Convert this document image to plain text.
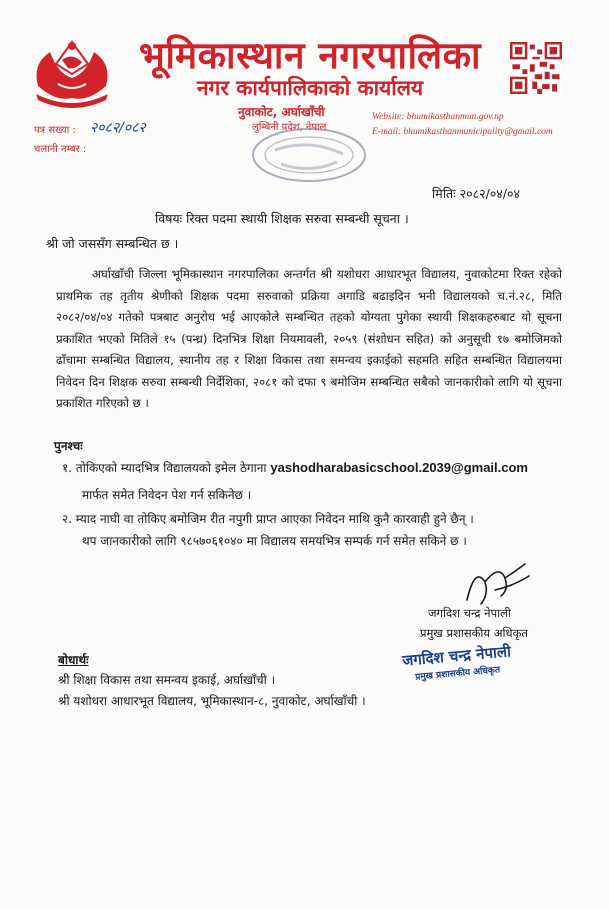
भूमिकास्थान नगरपालिका
नगर कार्यपालिकाको कार्यालय
नुवाकोट, अर्घाखाँची
लुम्बिनी प्रदेश, नेपाल
Website: bhumikasthanmun.gov.np
E-mail: bhumikasthanmunicipality@gmail.com
पत्र सख्या : २०८२/०८२
चलानी नम्बर :
मितिः २०८२/०४/०४
विषयः रिक्त पदमा स्थायी शिक्षक सरुवा सम्बन्धी सूचना ।
श्री जो जससँग सम्बन्धित छ ।
अर्घाखाँची जिल्ला भूमिकास्थान नगरपालिका अन्तर्गत श्री यशोधरा आधारभूत विद्यालय, नुवाकोटमा रिक्त रहेको प्राथमिक तह तृतीय श्रेणीको शिक्षक पदमा सरुवाको प्रक्रिया अगाडि बढाइदिन भनी विद्यालयको च.नं.२८, मिति २०८२/०४/०४ गतेको पत्रबाट अनुरोध भई आएकोले सम्बन्धित तहको योग्यता पुगेका स्थायी शिक्षकहरुबाट यो सूचना प्रकाशित भएको मितिले १५ (पन्ध्र) दिनभित्र शिक्षा नियमावली, २०५९ (संशोधन सहित) को अनुसूची १७ बमोजिमको ढाँचामा सम्बन्धित विद्यालय, स्थानीय तह र शिक्षा विकास तथा समन्वय इकाईको सहमति सहित सम्बन्धित विद्यालयमा निवेदन दिन शिक्षक सरुवा सम्बन्धी निर्देशिका, २०८१ को दफा ९ बमोजिम सम्बन्धित सबैको जानकारीको लागि यो सूचना प्रकाशित गरिएको छ ।
पुनश्चः
१. तोकिएको म्यादभित्र विद्यालयको इमेल ठेगाना yashodharabasicschool.2039@gmail.com
मार्फत समेत निवेदन पेश गर्न सकिनेछ ।
२. म्याद नाघी वा तोकिए बमोजिम रीत नपुगी प्राप्त आएका निवेदन माथि कुनै कारवाही हुने छैन् ।
थप जानकारीको लागि ९८५७०६१०४० मा विद्यालय समयभित्र सम्पर्क गर्न समेत सकिने छ ।
जगदिश चन्द्र नेपाली
प्रमुख प्रशासकीय अधिकृत
जगदिश चन्द्र नेपाली
प्रमुख प्रशासकीय अधिकृत
बोधार्थः
श्री शिक्षा विकास तथा समन्वय इकाई, अर्घाखाँची ।
श्री यशोधरा आधारभूत विद्यालय, भूमिकास्थान-८, नुवाकोट, अर्घाखाँची ।
